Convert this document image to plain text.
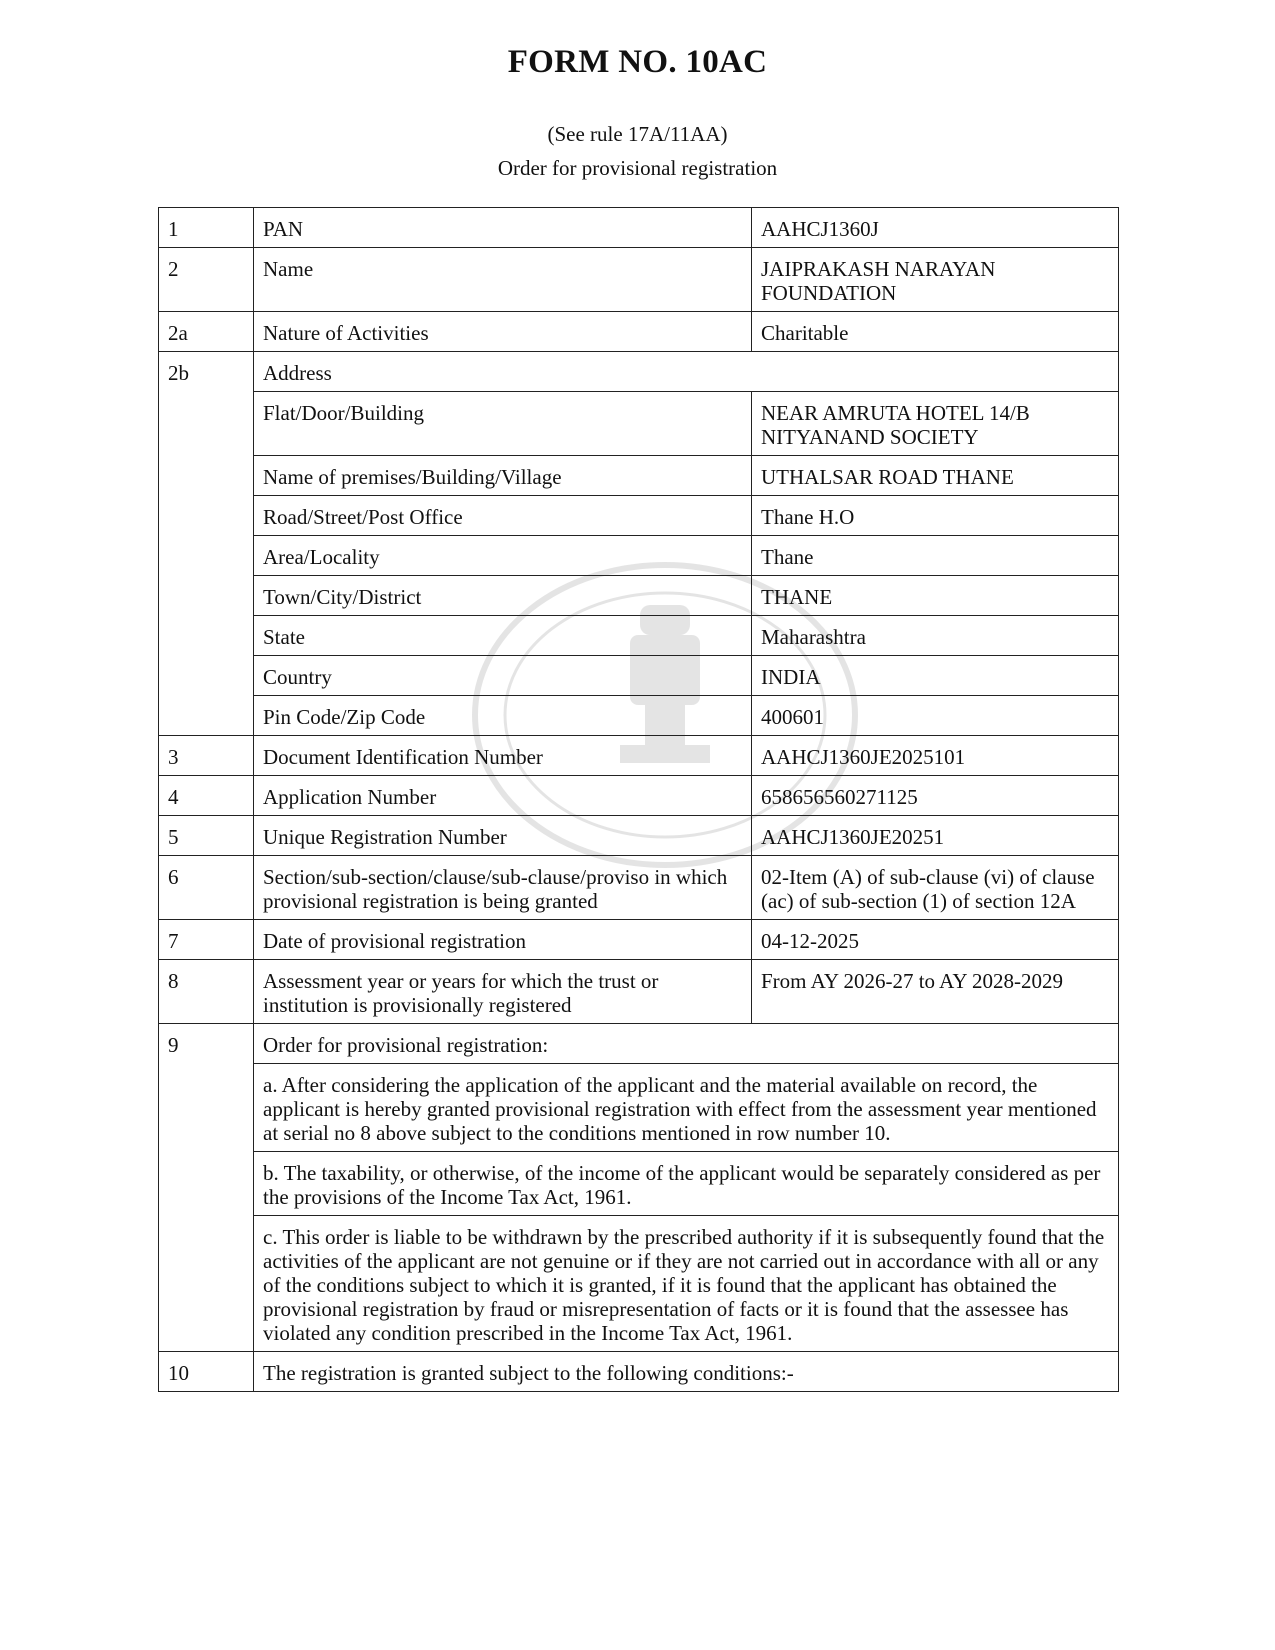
FORM NO. 10AC
(See rule 17A/11AA)
Order for provisional registration
1	PAN	AAHCJ1360J
2	Name	JAIPRAKASH NARAYAN FOUNDATION
2a	Nature of Activities	Charitable
2b	Address	
	Flat/Door/Building	NEAR AMRUTA HOTEL 14/B NITYANAND SOCIETY
	Name of premises/Building/Village	UTHALSAR ROAD THANE
	Road/Street/Post Office	Thane H.O
	Area/Locality	Thane
	Town/City/District	THANE
	State	Maharashtra
	Country	INDIA
	Pin Code/Zip Code	400601
3	Document Identification Number	AAHCJ1360JE2025101
4	Application Number	658656560271125
5	Unique Registration Number	AAHCJ1360JE20251
6	Section/sub-section/clause/sub-clause/proviso in which provisional registration is being granted	02-Item (A) of sub-clause (vi) of clause (ac) of sub-section (1) of section 12A
7	Date of provisional registration	04-12-2025
8	Assessment year or years for which the trust or institution is provisionally registered	From AY 2026-27 to AY 2028-2029
9	Order for provisional registration:	
	a. After considering the application of the applicant and the material available on record, the applicant is hereby granted provisional registration with effect from the assessment year mentioned at serial no 8 above subject to the conditions mentioned in row number 10.	
	b. The taxability, or otherwise, of the income of the applicant would be separately considered as per the provisions of the Income Tax Act, 1961.	
	c. This order is liable to be withdrawn by the prescribed authority if it is subsequently found that the activities of the applicant are not genuine or if they are not carried out in accordance with all or any of the conditions subject to which it is granted, if it is found that the applicant has obtained the provisional registration by fraud or misrepresentation of facts or it is found that the assessee has violated any condition prescribed in the Income Tax Act, 1961.	
10	The registration is granted subject to the following conditions:-	
